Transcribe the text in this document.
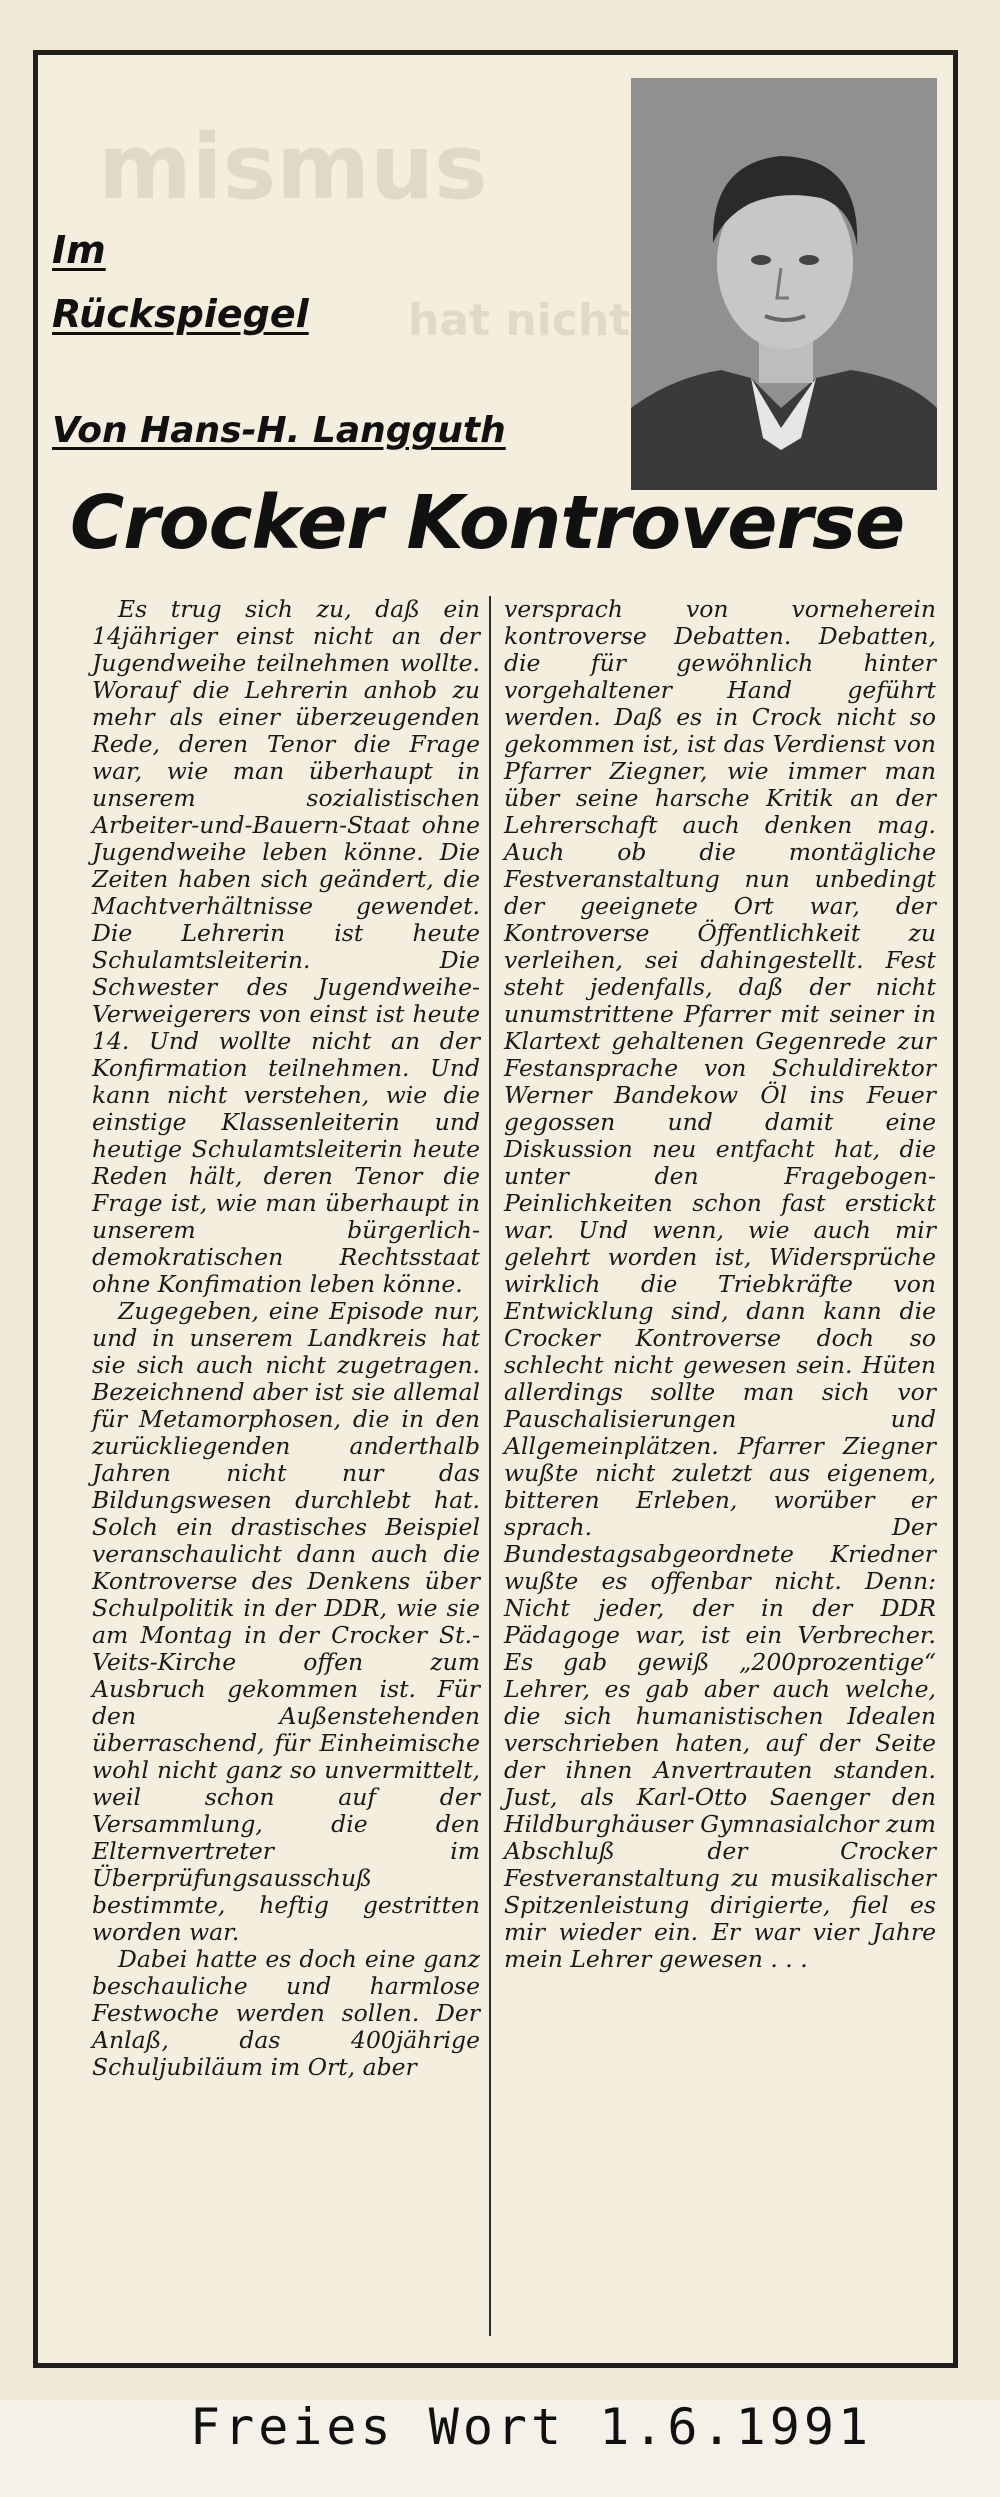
mismus
hat nicht nur
Im
Rückspiegel
Von Hans-H. Langguth
Crocker Kontroverse

Es trug sich zu, daß ein 14jähriger einst nicht an der Jugendweihe teilnehmen wollte. Worauf die Lehrerin anhob zu mehr als einer überzeugenden Rede, deren Tenor die Frage war, wie man überhaupt in unserem sozialistischen Arbeiter-und-Bauern-Staat ohne Jugendweihe leben könne. Die Zeiten haben sich geändert, die Machtverhältnisse gewendet. Die Lehrerin ist heute Schulamtsleiterin. Die Schwester des Jugendweihe-Verweigerers von einst ist heute 14. Und wollte nicht an der Konfirmation teilnehmen. Und kann nicht verstehen, wie die einstige Klassenleiterin und heutige Schulamtsleiterin heute Reden hält, deren Tenor die Frage ist, wie man überhaupt in unserem bürgerlich-demokratischen Rechtsstaat ohne Konfimation leben könne.

Zugegeben, eine Episode nur, und in unserem Landkreis hat sie sich auch nicht zugetragen. Bezeichnend aber ist sie allemal für Metamorphosen, die in den zurückliegenden anderthalb Jahren nicht nur das Bildungswesen durchlebt hat. Solch ein drastisches Beispiel veranschaulicht dann auch die Kontroverse des Denkens über Schulpolitik in der DDR, wie sie am Montag in der Crocker St.-Veits-Kirche offen zum Ausbruch gekommen ist. Für den Außenstehenden überraschend, für Einheimische wohl nicht ganz so unvermittelt, weil schon auf der Versammlung, die den Elternvertreter im Überprüfungsausschuß bestimmte, heftig gestritten worden war.

Dabei hatte es doch eine ganz beschauliche und harmlose Festwoche werden sollen. Der Anlaß, das 400jährige Schuljubiläum im Ort, aber

versprach von vorneherein kontroverse Debatten. Debatten, die für gewöhnlich hinter vorgehaltener Hand geführt werden. Daß es in Crock nicht so gekommen ist, ist das Verdienst von Pfarrer Ziegner, wie immer man über seine harsche Kritik an der Lehrerschaft auch denken mag. Auch ob die montägliche Festveranstaltung nun unbedingt der geeignete Ort war, der Kontroverse Öffentlichkeit zu verleihen, sei dahingestellt. Fest steht jedenfalls, daß der nicht unumstrittene Pfarrer mit seiner in Klartext gehaltenen Gegenrede zur Festansprache von Schuldirektor Werner Bandekow Öl ins Feuer gegossen und damit eine Diskussion neu entfacht hat, die unter den Fragebogen-Peinlichkeiten schon fast erstickt war. Und wenn, wie auch mir gelehrt worden ist, Widersprüche wirklich die Triebkräfte von Entwicklung sind, dann kann die Crocker Kontroverse doch so schlecht nicht gewesen sein. Hüten allerdings sollte man sich vor Pauschalisierungen und Allgemeinplätzen. Pfarrer Ziegner wußte nicht zuletzt aus eigenem, bitteren Erleben, worüber er sprach. Der Bundestagsabgeordnete Kriedner wußte es offenbar nicht. Denn: Nicht jeder, der in der DDR Pädagoge war, ist ein Verbrecher. Es gab gewiß „200prozentige“ Lehrer, es gab aber auch welche, die sich humanistischen Idealen verschrieben haten, auf der Seite der ihnen Anvertrauten standen. Just, als Karl-Otto Saenger den Hildburghäuser Gymnasialchor zum Abschluß der Crocker Festveranstaltung zu musikalischer Spitzenleistung dirigierte, fiel es mir wieder ein. Er war vier Jahre mein Lehrer gewesen . . .

Freies Wort 1.6.1991
